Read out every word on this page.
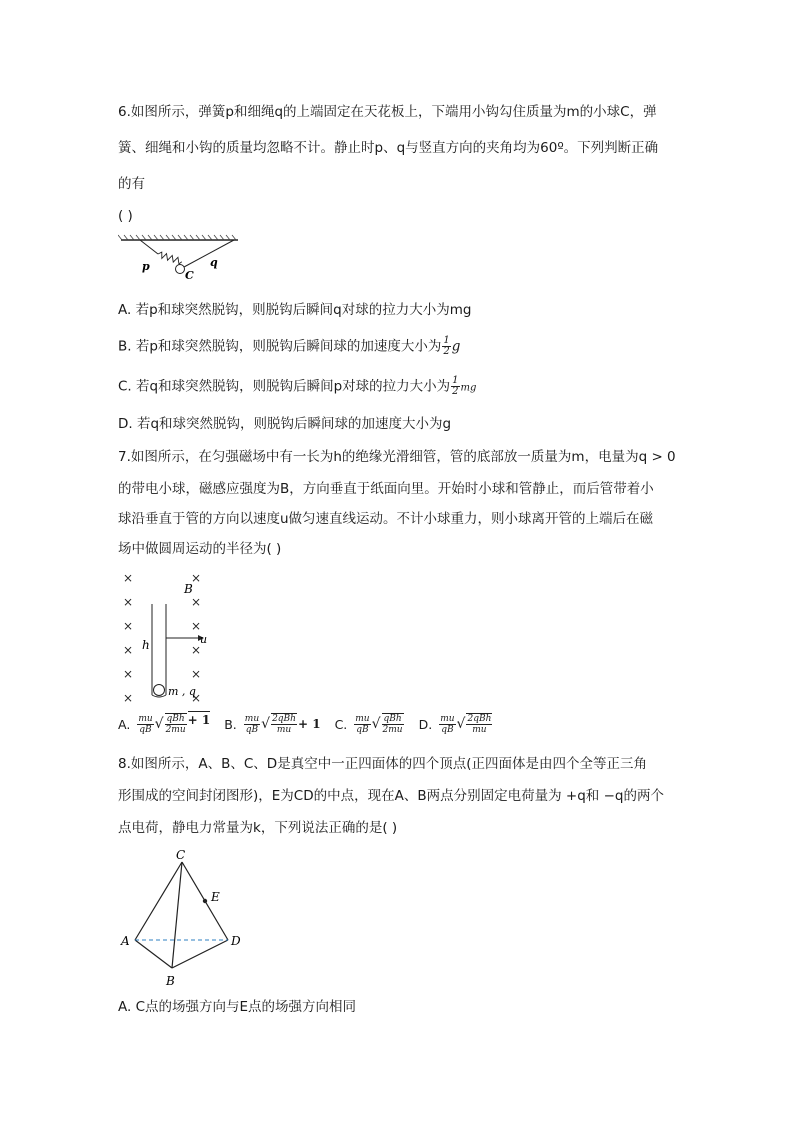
6.如图所示，弹簧p和细绳q的上端固定在天花板上，下端用小钩勾住质量为m的小球C，弹
簧、细绳和小钩的质量均忽略不计。静止时p、q与竖直方向的夹角均为60º。下列判断正确
的有
( )
p
C
q
A. 若p和球突然脱钩，则脱钩后瞬间q对球的拉力大小为mg
B. 若p和球突然脱钩，则脱钩后瞬间球的加速度大小为 $\frac{1}{2}$ g
C. 若q和球突然脱钩，则脱钩后瞬间p对球的拉力大小为 $\frac{1}{2}$ mg
D. 若q和球突然脱钩，则脱钩后瞬间球的加速度大小为g
7.如图所示，在匀强磁场中有一长为h的绝缘光滑细管，管的底部放一质量为m，电量为q > 0
的带电小球，磁感应强度为B，方向垂直于纸面向里。开始时小球和管静止，而后管带着小
球沿垂直于管的方向以速度u做匀速直线运动。不计小球重力，则小球离开管的上端后在磁
场中做圆周运动的半径为( )
×
×
×
×
×
×
×
×
×
×
×
×
B
h	u
m , q
A. $\frac{mu}{qB}$ √ $\frac{\text{qBh}}{2mu} + 1$ B. $\frac{mu}{qB}$ √ $\frac{\text{2qBh}}{mu} + 1$ C. $\frac{mu}{qB}$ √ $\frac{\text{qBh}}{2mu} D$. $\frac{mu}{qB}$ √ $\frac{\text{2qBh}}{mu}$
8.如图所示，A、B、C、D是真空中一正四面体的四个顶点(正四面体是由四个全等正三角
形围成的空间封闭图形)，E为CD的中点，现在A、B两点分别固定电荷量为 +q和 −q的两个
点电荷，静电力常量为k，下列说法正确的是( )
C
E
A	D
B
A. C点的场强方向与E点的场强方向相同
